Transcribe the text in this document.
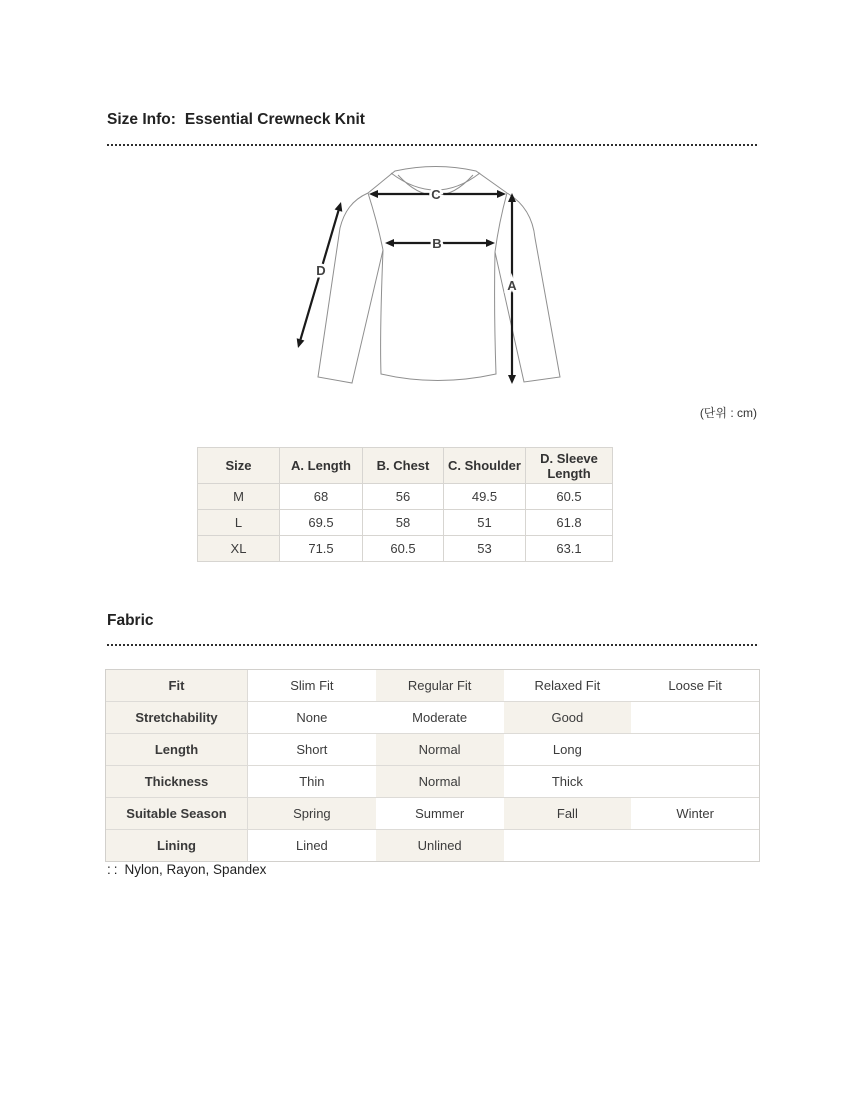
Size Info: Essential Crewneck Knit
C
B
A
D
(단위 : cm)
Size	A. Length	B. Chest	C. Shoulder	D. Sleeve Length
M	68	56	49.5	60.5
L	69.5	58	51	61.8
XL	71.5	60.5	53	63.1
Fabric
Fit	Slim Fit	Regular Fit	Relaxed Fit	Loose Fit
Stretchability	None	Moderate	Good
Length	Short	Normal	Long
Thickness	Thin	Normal	Thick
Suitable Season	Spring	Summer	Fall	Winter
Lining	Lined	Unlined
:: Nylon, Rayon, Spandex
